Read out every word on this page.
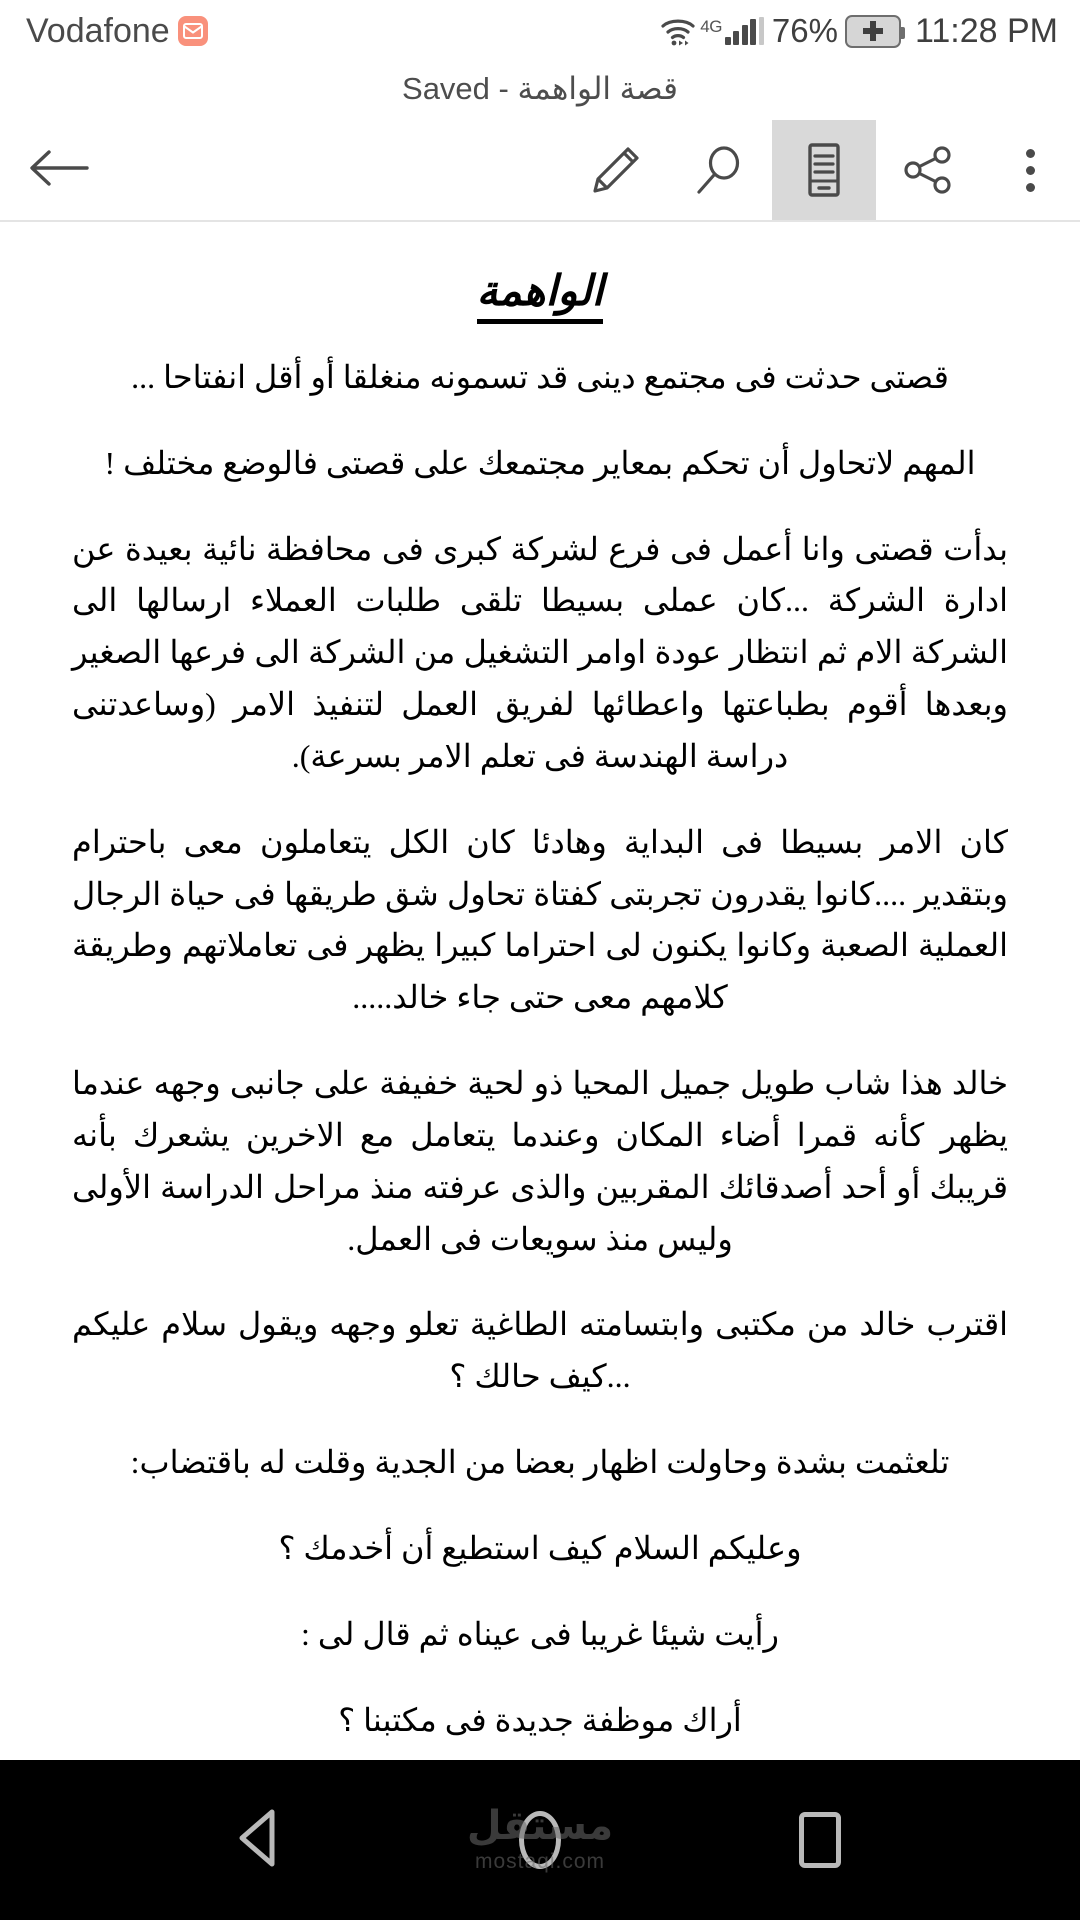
Vodafone	4G 76% 11:28 PM
قصة الواهمة - Saved
الواهمة

قصتى حدثت فى مجتمع دينى قد تسمونه منغلقا أو أقل انفتاحا ...

المهم لاتحاول أن تحكم بمعاير مجتمعك على قصتى فالوضع مختلف !

بدأت قصتى وانا أعمل فى فرع لشركة كبرى فى محافظة نائية بعيدة عن ادارة الشركة ...كان عملى بسيطا تلقى طلبات العملاء ارسالها الى الشركة الام ثم انتظار عودة اوامر التشغيل من الشركة الى فرعها الصغير وبعدها أقوم بطباعتها واعطائها لفريق العمل لتنفيذ الامر (وساعدتنى دراسة الهندسة فى تعلم الامر بسرعة).

كان الامر بسيطا فى البداية وهادئا كان الكل يتعاملون معى باحترام وبتقدير ....كانوا يقدرون تجربتى كفتاة تحاول شق طريقها فى حياة الرجال العملية الصعبة وكانوا يكنون لى احتراما كبيرا يظهر فى تعاملاتهم وطريقة كلامهم معى حتى جاء خالد.....

خالد هذا شاب طويل جميل المحيا ذو لحية خفيفة على جانبى وجهه عندما يظهر كأنه قمرا أضاء المكان وعندما يتعامل مع الاخرين يشعرك بأنه قريبك أو أحد أصدقائك المقربين والذى عرفته منذ مراحل الدراسة الأولى وليس منذ سويعات فى العمل.

اقترب خالد من مكتبى وابتسامته الطاغية تعلو وجهه ويقول سلام عليكم ...كيف حالك ؟

تلعثمت بشدة وحاولت اظهار بعضا من الجدية وقلت له باقتضاب:

وعليكم السلام كيف استطيع أن أخدمك ؟

رأيت شيئا غريبا فى عيناه ثم قال لى :

أراك موظفة جديدة فى مكتبنا ؟

مستقل
mostaqi.com
